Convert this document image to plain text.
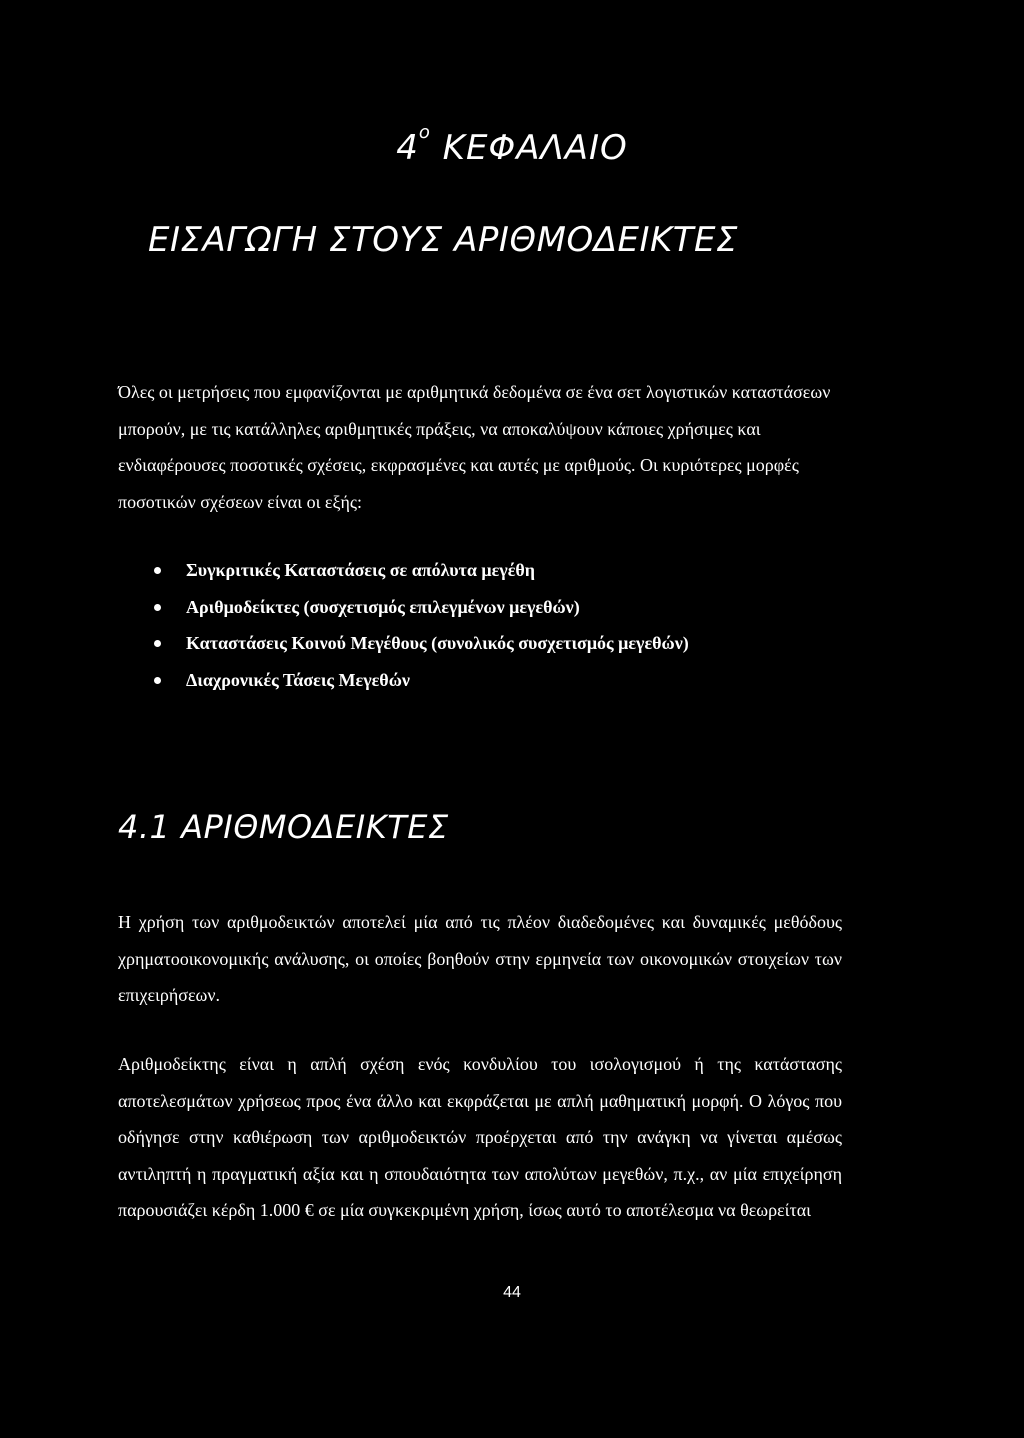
4$^o$ ΚΕΦΑΛΑΙΟ
ΕΙΣΑΓΩΓΗ ΣΤΟΥΣ ΑΡΙΘΜΟΔΕΙΚΤΕΣ

Όλες οι μετρήσεις που εμφανίζονται με αριθμητικά δεδομένα σε ένα σετ λογιστικών καταστάσεων μπορούν, με τις κατάλληλες αριθμητικές πράξεις, να αποκαλύψουν κάποιες χρήσιμες και ενδιαφέρουσες ποσοτικές σχέσεις, εκφρασμένες και αυτές με αριθμούς. Οι κυριότερες μορφές ποσοτικών σχέσεων είναι οι εξής:

Συγκριτικές Καταστάσεις σε απόλυτα μεγέθη
Αριθμοδείκτες (συσχετισμός επιλεγμένων μεγεθών)
Καταστάσεις Κοινού Μεγέθους (συνολικός συσχετισμός μεγεθών)
Διαχρονικές Τάσεις Μεγεθών
4.1 ΑΡΙΘΜΟΔΕΙΚΤΕΣ

Η χρήση των αριθμοδεικτών αποτελεί μία από τις πλέον διαδεδομένες και δυναμικές μεθόδους χρηματοοικονομικής ανάλυσης, οι οποίες βοηθούν στην ερμηνεία των οικονομικών στοιχείων των επιχειρήσεων.

Αριθμοδείκτης είναι η απλή σχέση ενός κονδυλίου του ισολογισμού ή της κατάστασης αποτελεσμάτων χρήσεως προς ένα άλλο και εκφράζεται με απλή μαθηματική μορφή. Ο λόγος που οδήγησε στην καθιέρωση των αριθμοδεικτών προέρχεται από την ανάγκη να γίνεται αμέσως αντιληπτή η πραγματική αξία και η σπουδαιότητα των απολύτων μεγεθών, π.χ., αν μία επιχείρηση παρουσιάζει κέρδη 1.000 € σε μία συγκεκριμένη χρήση, ίσως αυτό το αποτέλεσμα να θεωρείται

44
